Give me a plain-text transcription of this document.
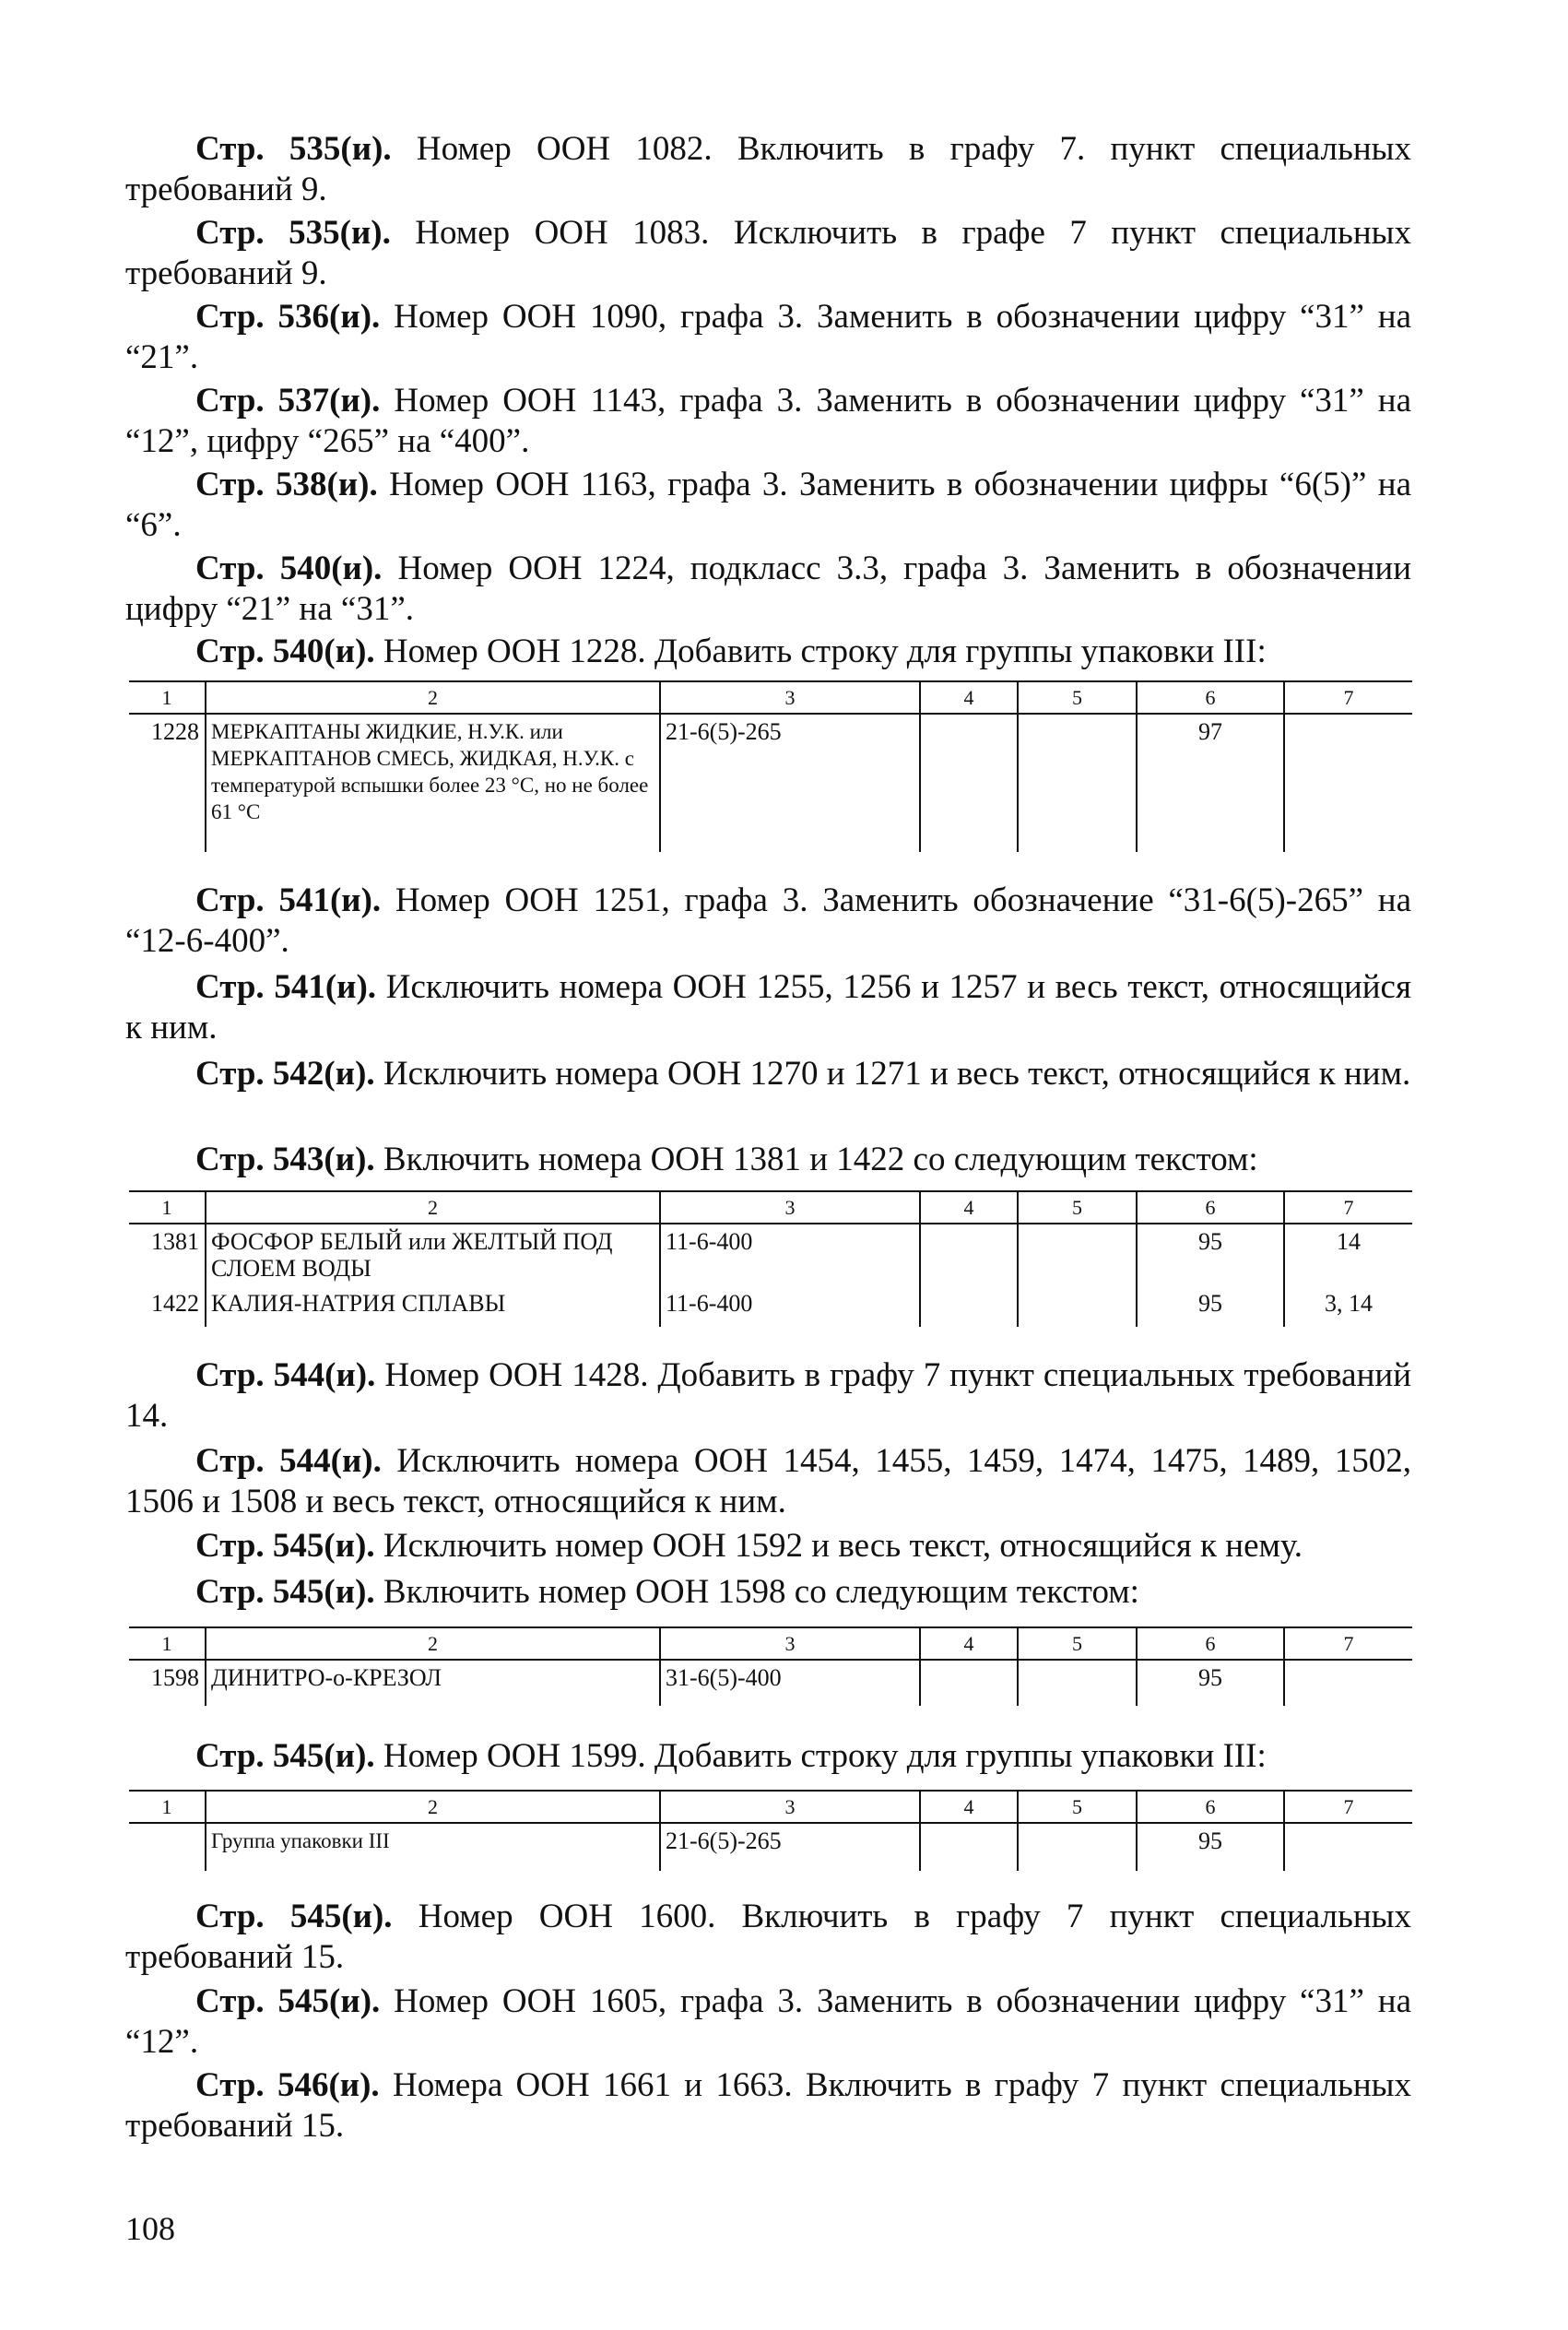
Стр. 535(и). Номер ООН 1082. Включить в графу 7. пункт специальных требований 9.

Стр. 535(и). Номер ООН 1083. Исключить в графе 7 пункт специальных требований 9.

Стр. 536(и). Номер ООН 1090, графа 3. Заменить в обозначении цифру “31” на “21”.

Стр. 537(и). Номер ООН 1143, графа 3. Заменить в обозначении цифру “31” на “12”, цифру “265” на “400”.

Стр. 538(и). Номер ООН 1163, графа 3. Заменить в обозначении цифры “6(5)” на “6”.

Стр. 540(и). Номер ООН 1224, подкласс 3.3, графа 3. Заменить в обозначении цифру “21” на “31”.

Стр. 540(и). Номер ООН 1228. Добавить строку для группы упаковки III:

1	2	3	4	5	6	7
1228	МЕРКАПТАНЫ ЖИДКИЕ, Н.У.К. или МЕРКАПТАНОВ СМЕСЬ, ЖИДКАЯ, Н.У.К. с температурой вспышки более 23 °С, но не более 61 °С	21-6(5)-265			97	

Стр. 541(и). Номер ООН 1251, графа 3. Заменить обозначение “31-6(5)-265” на “12-6-400”.

Стр. 541(и). Исключить номера ООН 1255, 1256 и 1257 и весь текст, относящийся к ним.

Стр. 542(и). Исключить номера ООН 1270 и 1271 и весь текст, относящийся к ним.

Стр. 543(и). Включить номера ООН 1381 и 1422 со следующим текстом:

1	2	3	4	5	6	7
1381	ФОСФОР БЕЛЫЙ или ЖЕЛТЫЙ ПОД СЛОЕМ ВОДЫ	11-6-400			95	14
1422	КАЛИЯ-НАТРИЯ СПЛАВЫ	11-6-400			95	3, 14

Стр. 544(и). Номер ООН 1428. Добавить в графу 7 пункт специальных требований 14.

Стр. 544(и). Исключить номера ООН 1454, 1455, 1459, 1474, 1475, 1489, 1502, 1506 и 1508 и весь текст, относящийся к ним.

Стр. 545(и). Исключить номер ООН 1592 и весь текст, относящийся к нему.

Стр. 545(и). Включить номер ООН 1598 со следующим текстом:

1	2	3	4	5	6	7
1598	ДИНИТРО-о-КРЕЗОЛ	31-6(5)-400			95	

Стр. 545(и). Номер ООН 1599. Добавить строку для группы упаковки III:

1	2	3	4	5	6	7
	Группа упаковки III	21-6(5)-265			95	

Стр. 545(и). Номер ООН 1600. Включить в графу 7 пункт специальных требований 15.

Стр. 545(и). Номер ООН 1605, графа 3. Заменить в обозначении цифру “31” на “12”.

Стр. 546(и). Номера ООН 1661 и 1663. Включить в графу 7 пункт специальных требований 15.

108
